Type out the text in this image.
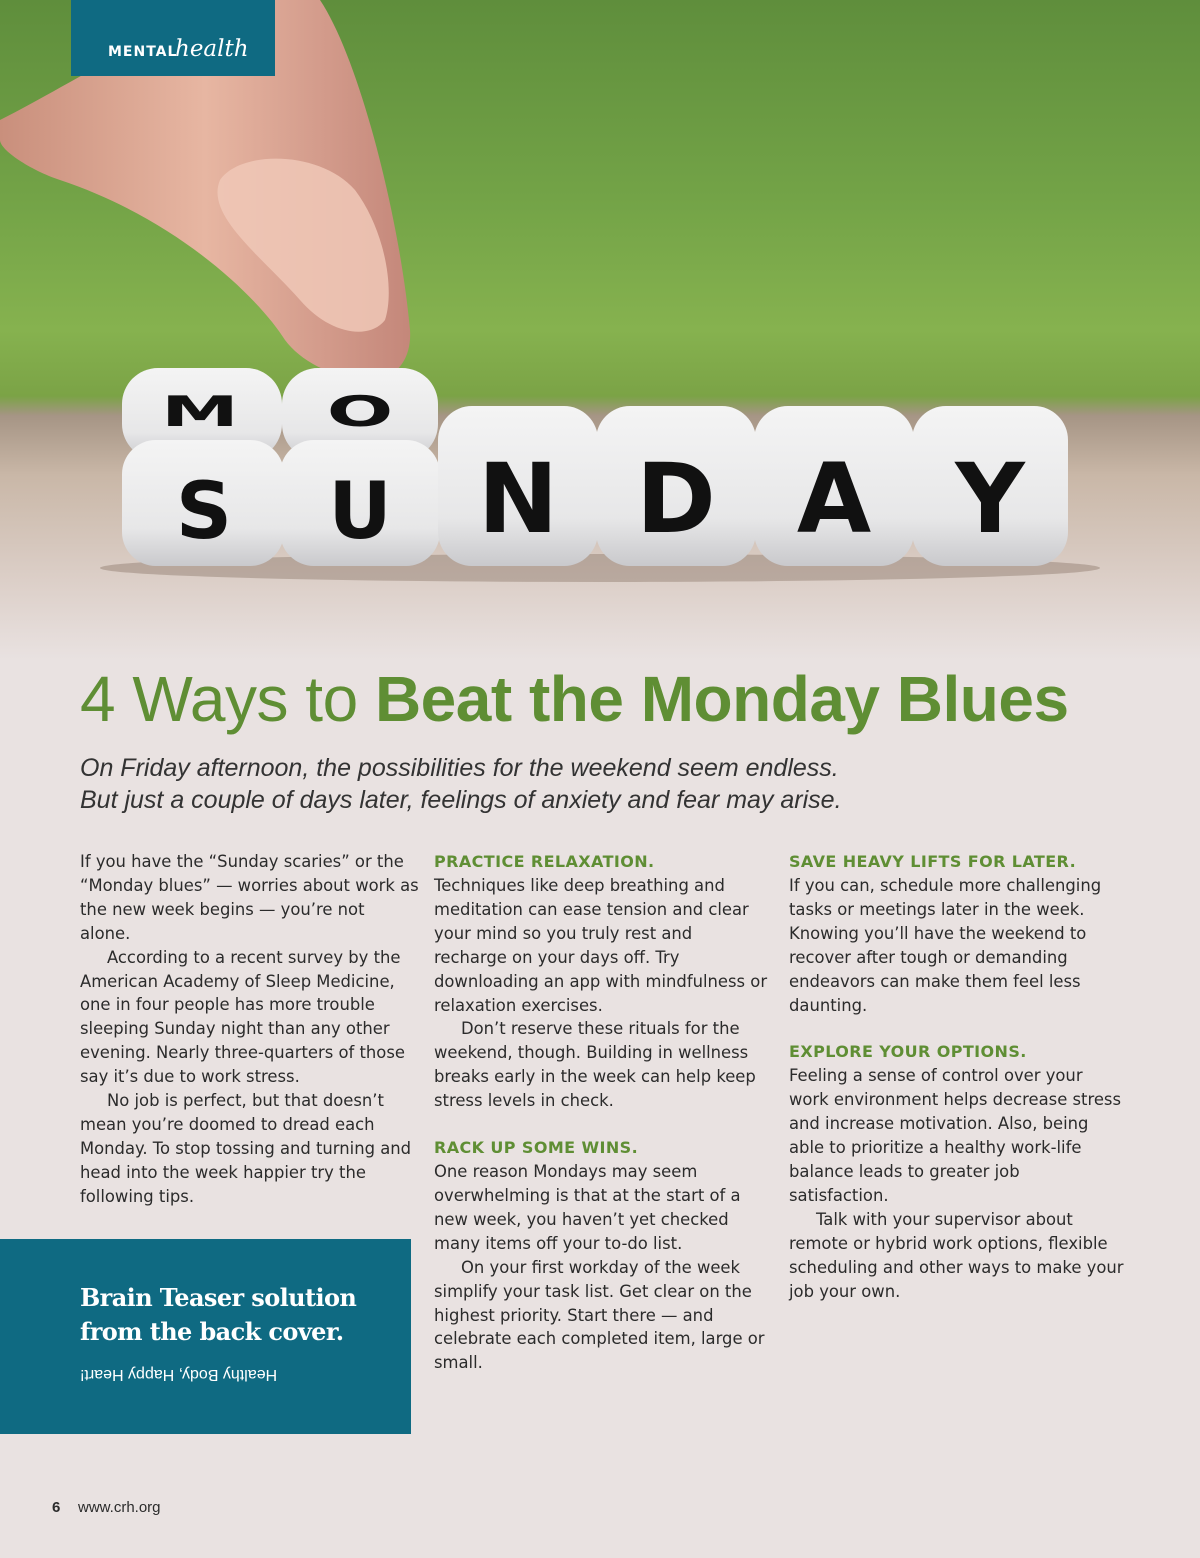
M O
S U N D A Y
MENTAL
health
4 Ways to Beat the Monday Blues

On Friday afternoon, the possibilities for the weekend seem endless.
But just a couple of days later, feelings of anxiety and fear may arise.

If you have the “Sunday scaries” or the “Monday blues” — worries about work as the new week begins — you’re not alone.

According to a recent survey by the American Academy of Sleep Medicine, one in four people has more trouble sleeping Sunday night than any other evening. Nearly three-quarters of those say it’s due to work stress.

No job is perfect, but that doesn’t mean you’re doomed to dread each Monday. To stop tossing and turning and head into the week happier try the following tips.

PRACTICE RELAXATION.

Techniques like deep breathing and meditation can ease tension and clear your mind so you truly rest and recharge on your days off. Try downloading an app with mindfulness or relaxation exercises.

Don’t reserve these rituals for the weekend, though. Building in wellness breaks early in the week can help keep stress levels in check.

RACK UP SOME WINS.

One reason Mondays may seem overwhelming is that at the start of a new week, you haven’t yet checked many items off your to-do list.

On your first workday of the week simplify your task list. Get clear on the highest priority. Start there — and celebrate each completed item, large or small.

SAVE HEAVY LIFTS FOR LATER.

If you can, schedule more challenging tasks or meetings later in the week. Knowing you’ll have the weekend to recover after tough or demanding endeavors can make them feel less daunting.

EXPLORE YOUR OPTIONS.

Feeling a sense of control over your work environment helps decrease stress and increase motivation. Also, being able to prioritize a healthy work-life balance leads to greater job satisfaction.

Talk with your supervisor about remote or hybrid work options, flexible scheduling and other ways to make your job your own.

Brain Teaser solution
from the back cover.

Healthy Body, Happy Heart!
6 www.crh.org
